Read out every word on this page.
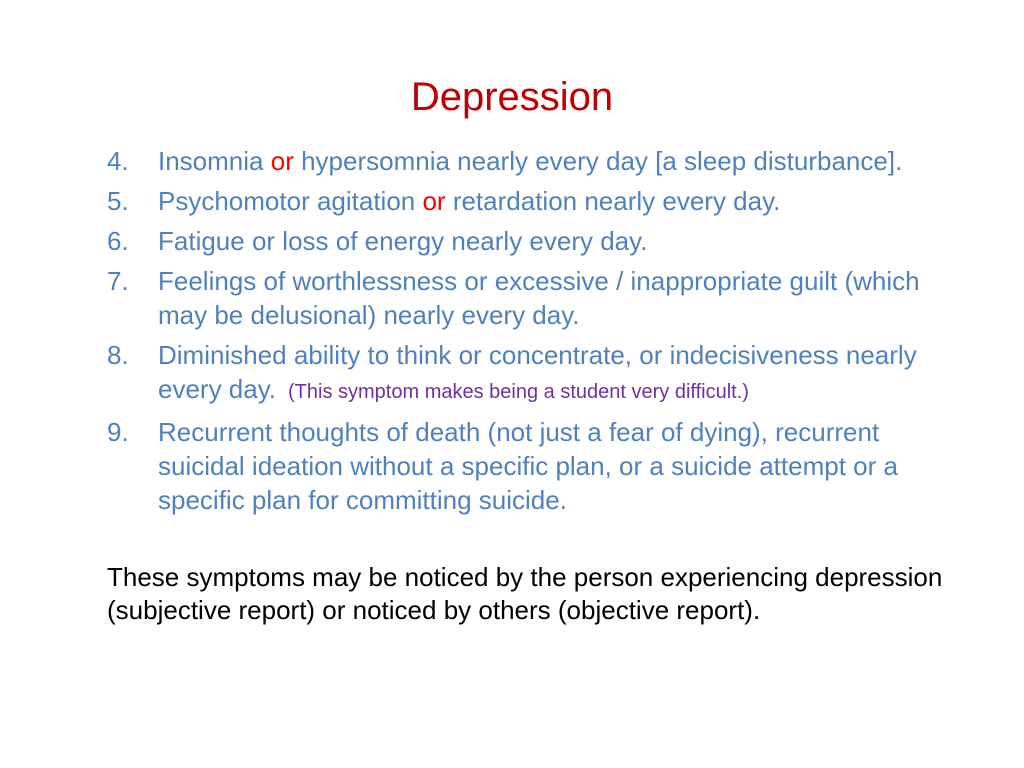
Depression
4.	Insomnia or hypersomnia nearly every day [a sleep disturbance].
5.	Psychomotor agitation or retardation nearly every day.
6.	Fatigue or loss of energy nearly every day.
7.	Feelings of worthlessness or excessive / inappropriate guilt (which may be delusional) nearly every day.
8.	Diminished ability to think or concentrate, or indecisiveness nearly every day. (This symptom makes being a student very difficult.)
9.	Recurrent thoughts of death (not just a fear of dying), recurrent suicidal ideation without a specific plan, or a suicide attempt or a specific plan for committing suicide.

These symptoms may be noticed by the person experiencing depression (subjective report) or noticed by others (objective report).
